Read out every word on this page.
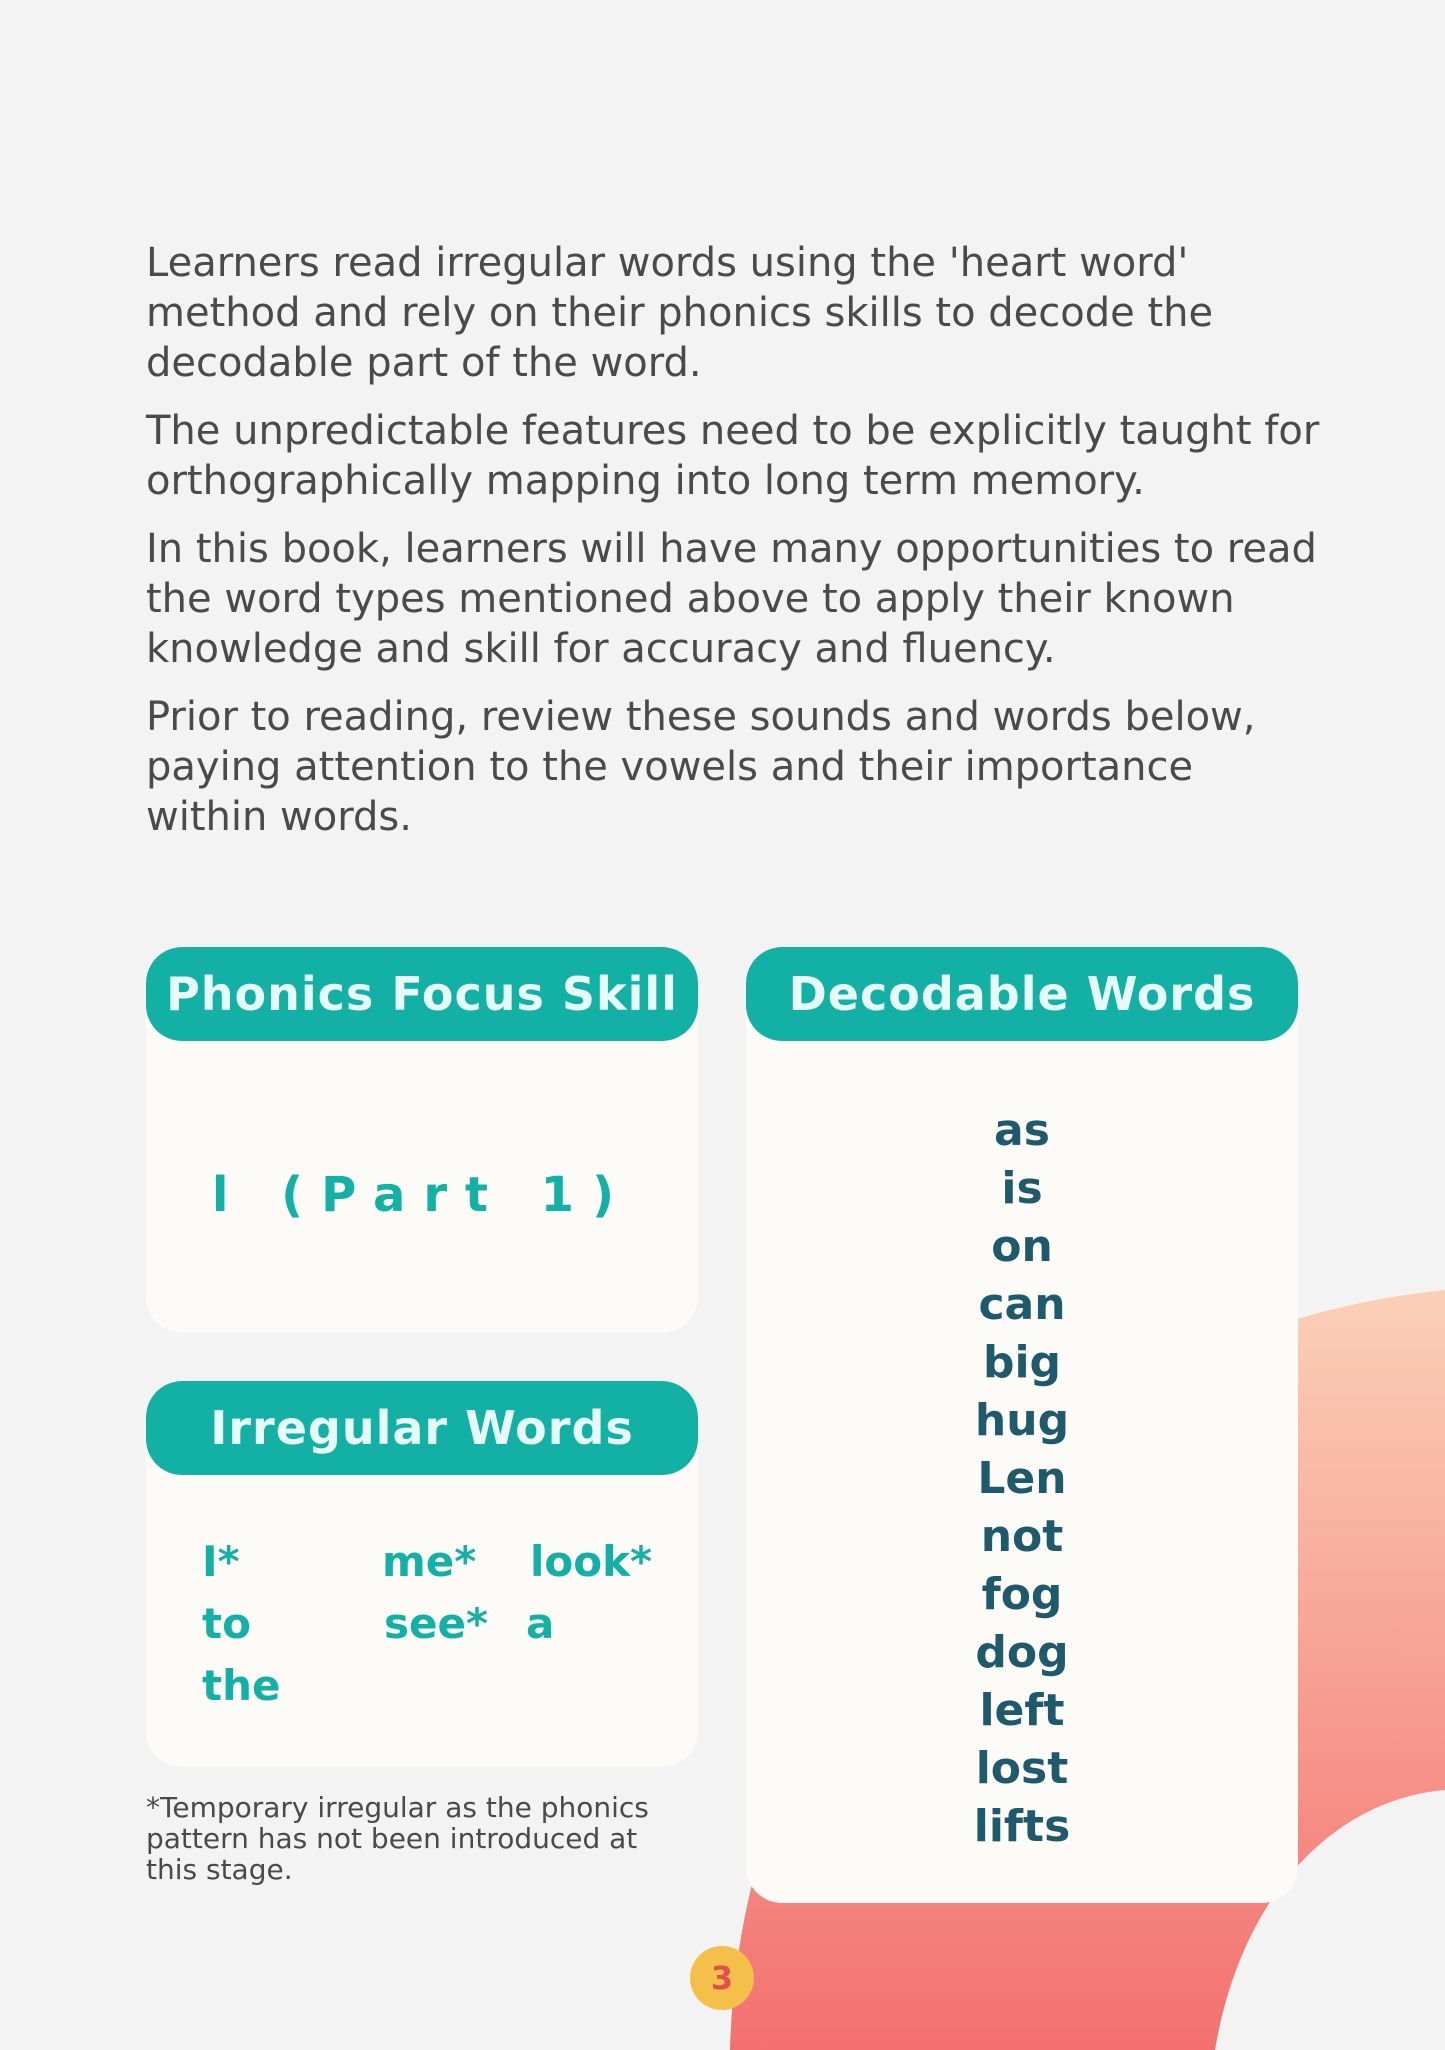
Learners read irregular words using the 'heart word' method and rely on their phonics skills to decode the decodable part of the word.

The unpredictable features need to be explicitly taught for orthographically mapping into long term memory.

In this book, learners will have many opportunities to read the word types mentioned above to apply their known knowledge and skill for accuracy and fluency.

Prior to reading, review these sounds and words below, paying attention to the vowels and their importance within words.

Phonics Focus Skill
l (Part 1)
Irregular Words
I*	me* look*
to	see* a
the
Decodable Words
as
is
on
can
big
hug
Len
not
fog
dog
left
lost
lifts
*Temporary irregular as the phonics pattern has not been introduced at this stage.
3
